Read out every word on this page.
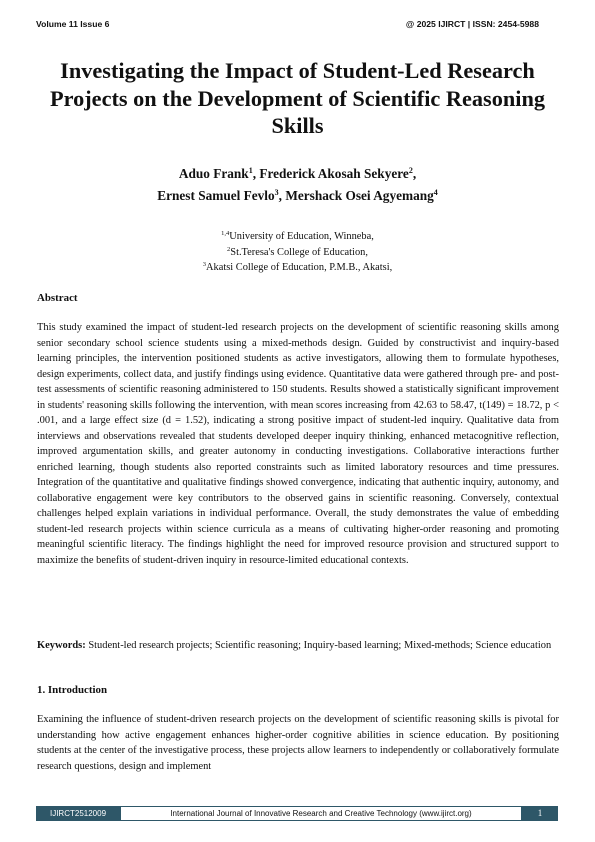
Volume 11 Issue 6	@ 2025 IJIRCT | ISSN: 2454-5988
Investigating the Impact of Student-Led Research Projects on the Development of Scientific Reasoning Skills
Aduo Frank$^1$, Frederick Akosah Sekyere$^2$,
Ernest Samuel Fevlo$^3$, Mershack Osei Agyemang$^4$
$^{1,4}$University of Education, Winneba,
$^2$St.Teresa's College of Education,
$^3$Akatsi College of Education, P.M.B., Akatsi,
Abstract

This study examined the impact of student-led research projects on the development of scientific reasoning skills among senior secondary school science students using a mixed-methods design. Guided by constructivist and inquiry-based learning principles, the intervention positioned students as active investigators, allowing them to formulate hypotheses, design experiments, collect data, and justify findings using evidence. Quantitative data were gathered through pre- and post-test assessments of scientific reasoning administered to 150 students. Results showed a statistically significant improvement in students' reasoning skills following the intervention, with mean scores increasing from 42.63 to 58.47, t(149) = 18.72, p < .001, and a large effect size (d = 1.52), indicating a strong positive impact of student-led inquiry. Qualitative data from interviews and observations revealed that students developed deeper inquiry thinking, enhanced metacognitive reflection, improved argumentation skills, and greater autonomy in conducting investigations. Collaborative interactions further enriched learning, though students also reported constraints such as limited laboratory resources and time pressures. Integration of the quantitative and qualitative findings showed convergence, indicating that authentic inquiry, autonomy, and collaborative engagement were key contributors to the observed gains in scientific reasoning. Conversely, contextual challenges helped explain variations in individual performance. Overall, the study demonstrates the value of embedding student-led research projects within science curricula as a means of cultivating higher-order reasoning and promoting meaningful scientific literacy. The findings highlight the need for improved resource provision and structured support to maximize the benefits of student-driven inquiry in resource-limited educational contexts.

Keywords: Student-led research projects; Scientific reasoning; Inquiry-based learning; Mixed-methods; Science education

1. Introduction

Examining the influence of student-driven research projects on the development of scientific reasoning skills is pivotal for understanding how active engagement enhances higher-order cognitive abilities in science education. By positioning students at the center of the investigative process, these projects allow learners to independently or collaboratively formulate research questions, design and implement

IJIRCT2512009	International Journal of Innovative Research and Creative Technology (www.ijirct.org)	1
